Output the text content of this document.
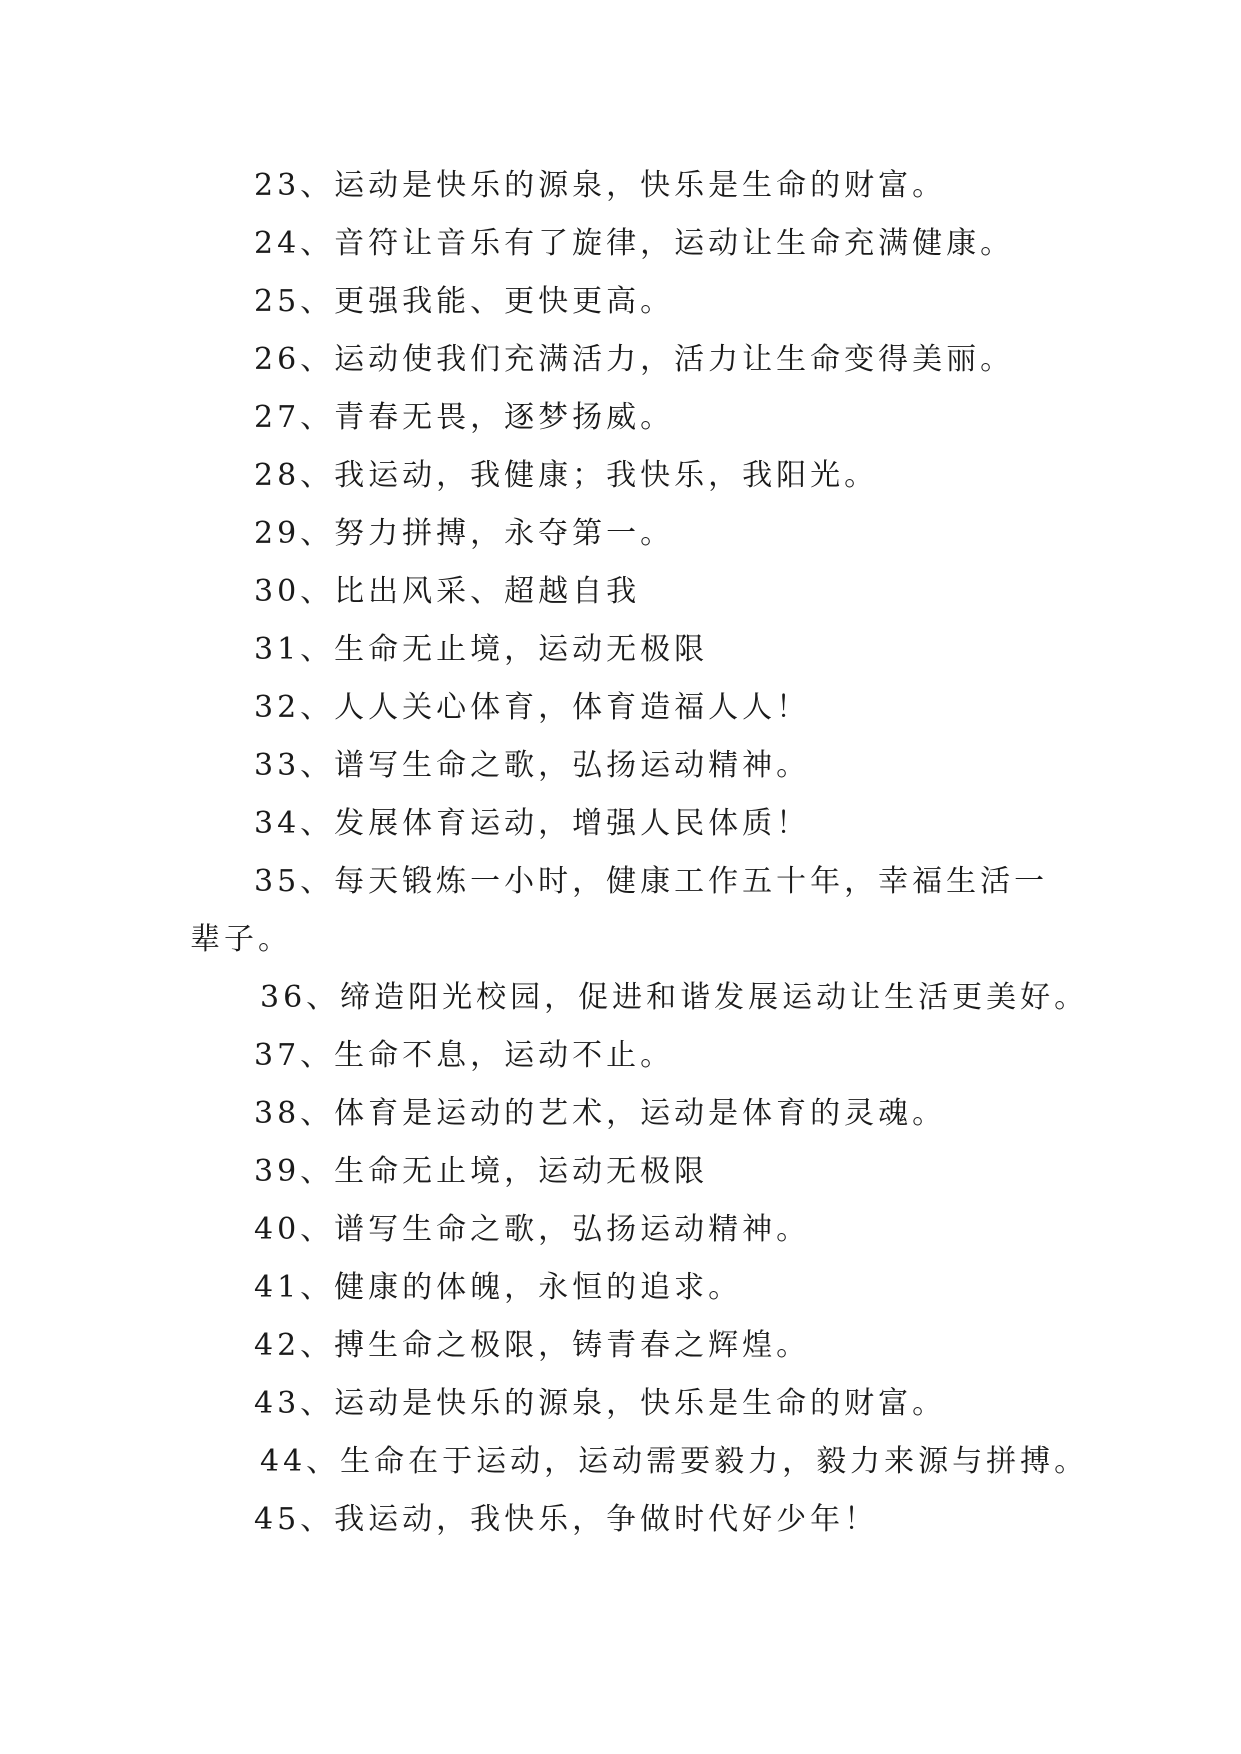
23、运动是快乐的源泉，快乐是生命的财富。
24、音符让音乐有了旋律，运动让生命充满健康。
25、更强我能、更快更高。
26、运动使我们充满活力，活力让生命变得美丽。
27、青春无畏，逐梦扬威。
28、我运动，我健康；我快乐，我阳光。
29、努力拼搏，永夺第一。
30、比出风采、超越自我
31、生命无止境，运动无极限
32、人人关心体育，体育造福人人！
33、谱写生命之歌，弘扬运动精神。
34、发展体育运动，增强人民体质！
35、每天锻炼一小时，健康工作五十年，幸福生活一辈子。
36、缔造阳光校园，促进和谐发展运动让生活更美好。
37、生命不息，运动不止。
38、体育是运动的艺术，运动是体育的灵魂。
39、生命无止境，运动无极限
40、谱写生命之歌，弘扬运动精神。
41、健康的体魄，永恒的追求。
42、搏生命之极限，铸青春之辉煌。
43、运动是快乐的源泉，快乐是生命的财富。
44、生命在于运动，运动需要毅力，毅力来源与拼搏。
45、我运动，我快乐，争做时代好少年！
